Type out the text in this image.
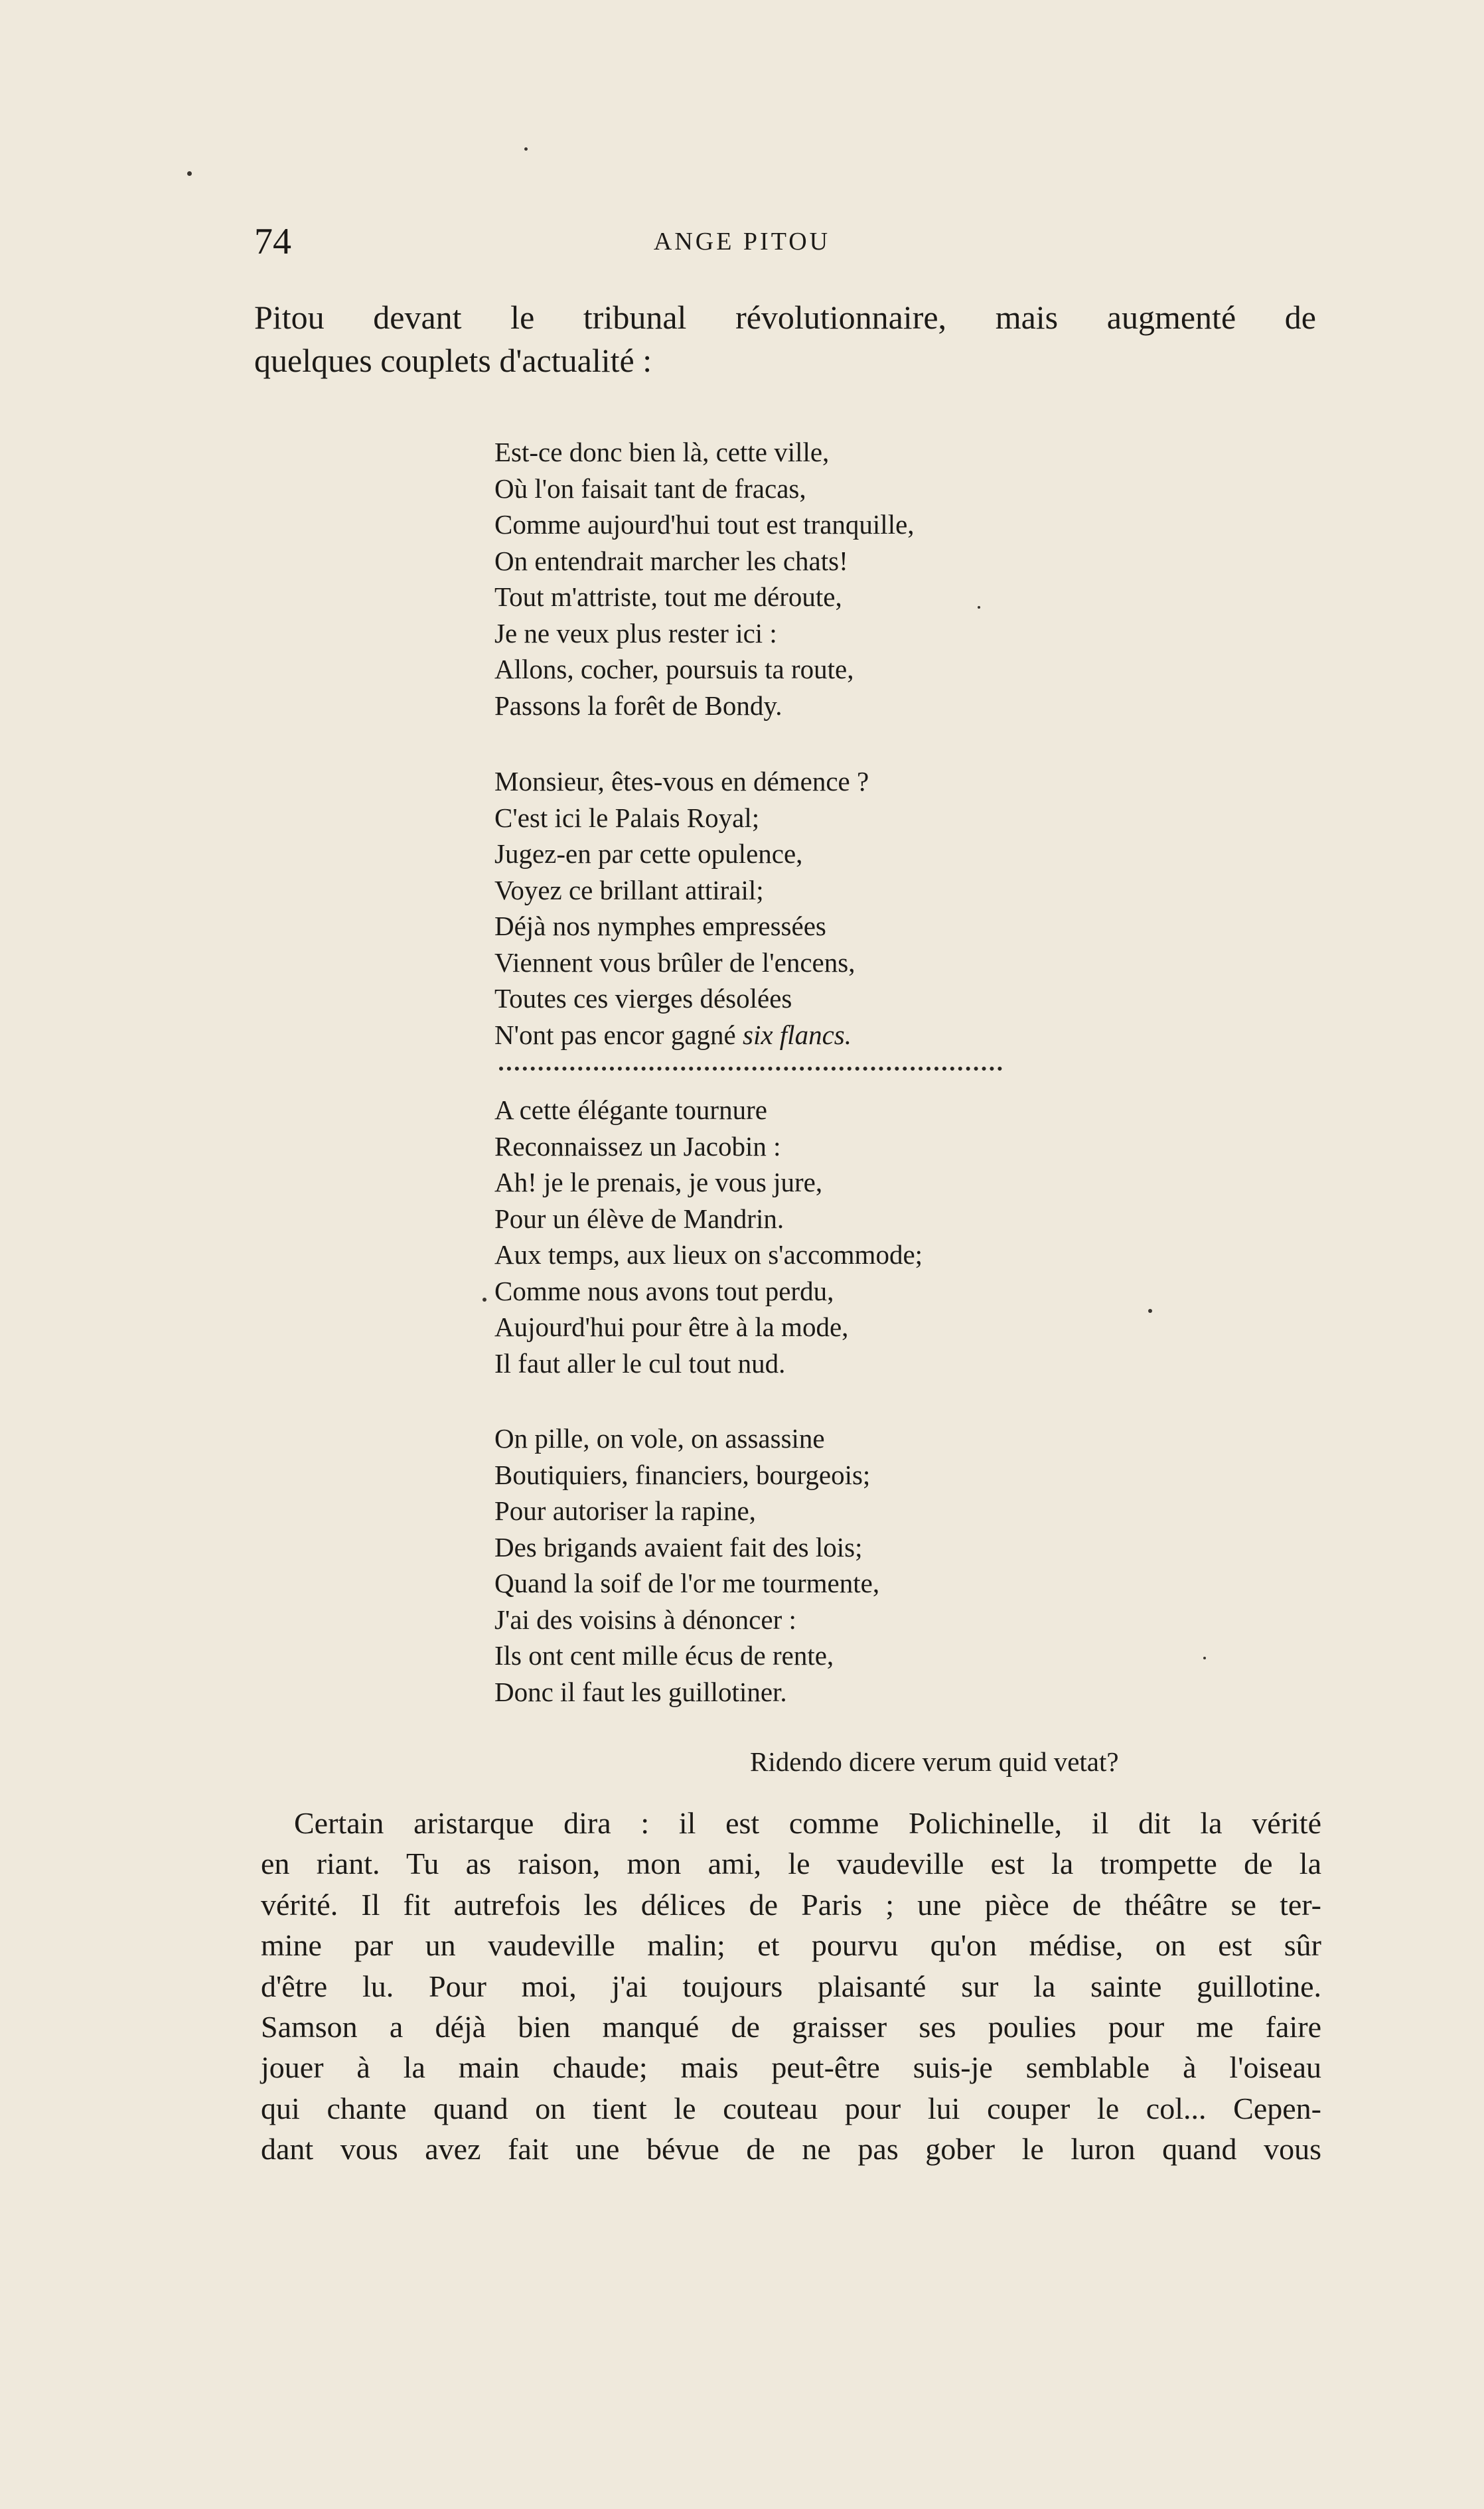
74	ANGE PITOU

Pitou devant le tribunal révolutionnaire, mais augmenté de

quelques couplets d'actualité :

Est-ce donc bien là, cette ville,
Où l'on faisait tant de fracas,
Comme aujourd'hui tout est tranquille,
On entendrait marcher les chats!
Tout m'attriste, tout me déroute,
Je ne veux plus rester ici :
Allons, cocher, poursuis ta route,
Passons la forêt de Bondy.
Monsieur, êtes-vous en démence ?
C'est ici le Palais Royal;
Jugez-en par cette opulence,
Voyez ce brillant attirail;
Déjà nos nymphes empressées
Viennent vous brûler de l'encens,
Toutes ces vierges désolées
N'ont pas encor gagné six flancs.
A cette élégante tournure
Reconnaissez un Jacobin :
Ah! je le prenais, je vous jure,
Pour un élève de Mandrin.
Aux temps, aux lieux on s'accommode;
Comme nous avons tout perdu,
Aujourd'hui pour être à la mode,
Il faut aller le cul tout nud.
On pille, on vole, on assassine
Boutiquiers, financiers, bourgeois;
Pour autoriser la rapine,
Des brigands avaient fait des lois;
Quand la soif de l'or me tourmente,
J'ai des voisins à dénoncer :
Ils ont cent mille écus de rente,
Donc il faut les guillotiner.
Ridendo dicere verum quid vetat?
Certain aristarque dira : il est comme Polichinelle, il dit la vérité
en riant. Tu as raison, mon ami, le vaudeville est la trompette de la
vérité. Il fit autrefois les délices de Paris ; une pièce de théâtre se ter-
mine par un vaudeville malin; et pourvu qu'on médise, on est sûr
d'être lu. Pour moi, j'ai toujours plaisanté sur la sainte guillotine.
Samson a déjà bien manqué de graisser ses poulies pour me faire
jouer à la main chaude; mais peut-être suis-je semblable à l'oiseau
qui chante quand on tient le couteau pour lui couper le col... Cepen-
dant vous avez fait une bévue de ne pas gober le luron quand vous
